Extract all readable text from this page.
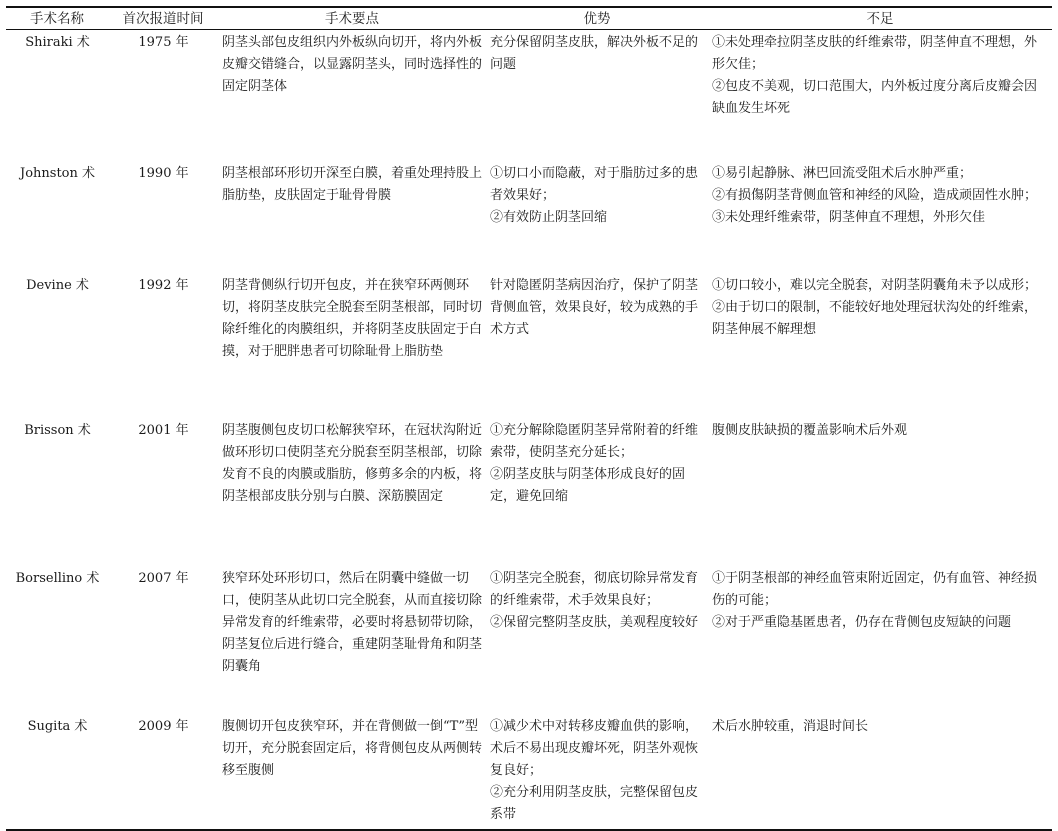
手术名称	首次报道时间	手术要点	优势	不足
Shiraki 术	1975 年	阴茎头部包皮组织内外板纵向切开，将内外板皮瓣交错缝合，以显露阴茎头，同时选择性的固定阴茎体	充分保留阴茎皮肤，解决外板不足的问题	①未处理牵拉阴茎皮肤的纤维索带，阴茎伸直不理想，外形欠佳；
②包皮不美观，切口范围大，内外板过度分离后皮瓣会因缺血发生坏死

Johnston 术	1990 年	阴茎根部环形切开深至白膜，着重处理持股上脂肪垫，皮肤固定于耻骨骨膜	①切口小而隐蔽，对于脂肪过多的患者效果好；
②有效防止阴茎回缩	①易引起静脉、淋巴回流受阻术后水肿严重；
②有损傷阴茎背侧血管和神经的风险，造成顽固性水肿；
③未处理纤维索带，阴茎伸直不理想，外形欠佳

Devine 术	1992 年	阴茎背侧纵行切开包皮，并在狭窄环两侧环切，将阴茎皮肤完全脱套至阴茎根部，同时切除纤维化的肉膜组织，并将阴茎皮肤固定于白摸，对于肥胖患者可切除耻骨上脂肪垫	针对隐匿阴茎病因治疗，保护了阴茎背侧血管，效果良好，较为成熟的手术方式	①切口较小，难以完全脱套，对阴茎阴囊角未予以成形；
②由于切口的限制，不能较好地处理冠状沟处的纤维索，阴茎伸展不解理想

Brisson 术	2001 年	阴茎腹侧包皮切口松解狭窄环，在冠状沟附近做环形切口使阴茎充分脱套至阴茎根部，切除发育不良的肉膜或脂肪，修剪多余的内板，将阴茎根部皮肤分别与白膜、深筋膜固定	①充分解除隐匿阴茎异常附着的纤维索带，使阴茎充分延长；
②阴茎皮肤与阴茎体形成良好的固定，避免回缩	腹侧皮肤缺损的覆盖影响术后外观

Borsellino 术	2007 年	狭窄环处环形切口，然后在阴囊中缝做一切口，使阴茎从此切口完全脱套，从而直接切除异常发育的纤维索带，必要时将悬韧带切除，阴茎复位后进行缝合，重建阴茎耻骨角和阴茎阴囊角	①阴茎完全脱套，彻底切除异常发育的纤维索带，术手效果良好；
②保留完整阴茎皮肤，美观程度较好	①于阴茎根部的神经血管束附近固定，仍有血管、神经损伤的可能；
②对于严重隐基匿患者，仍存在背侧包皮短缺的问题

Sugita 术	2009 年	腹侧切开包皮狭窄环，并在背侧做一倒“T”型切开，充分脱套固定后，将背侧包皮从两侧转移至腹侧	①减少术中对转移皮瓣血供的影响，术后不易出现皮瓣坏死，阴茎外观恢复良好；
②充分利用阴茎皮肤，完整保留包皮系带	术后水肿较重，消退时间长
